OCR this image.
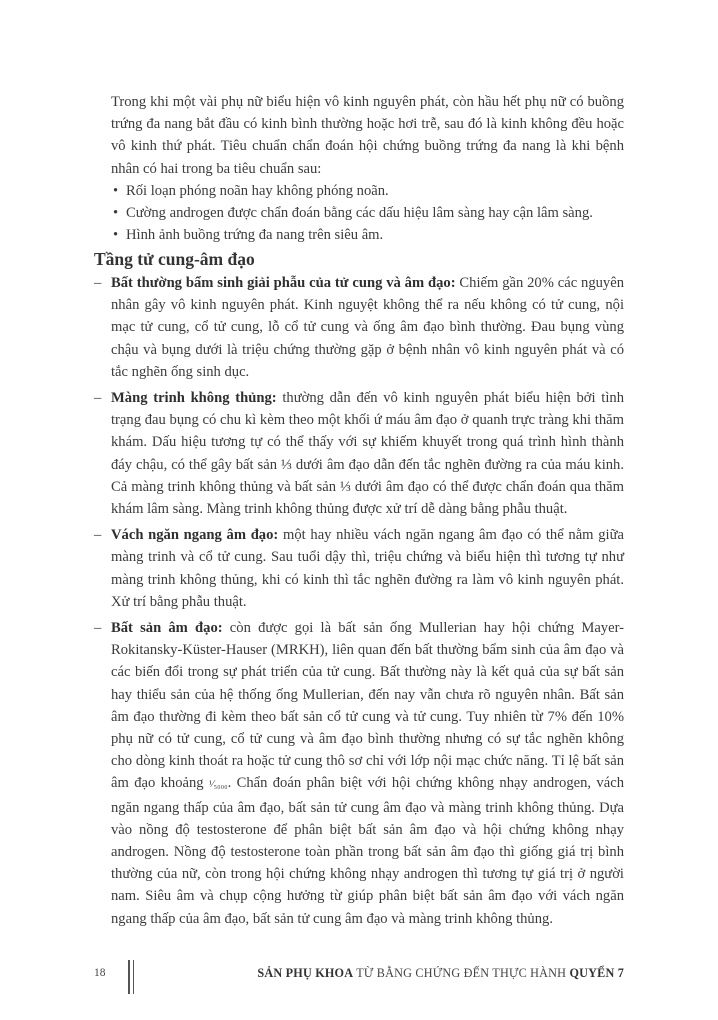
Trong khi một vài phụ nữ biểu hiện vô kinh nguyên phát, còn hầu hết phụ nữ có buồng trứng đa nang bắt đầu có kinh bình thường hoặc hơi trễ, sau đó là kinh không đều hoặc vô kinh thứ phát. Tiêu chuẩn chẩn đoán hội chứng buồng trứng đa nang là khi bệnh nhân có hai trong ba tiêu chuẩn sau:

• Rối loạn phóng noãn hay không phóng noãn.
• Cường androgen được chẩn đoán bằng các dấu hiệu lâm sàng hay cận lâm sàng.
• Hình ảnh buồng trứng đa nang trên siêu âm.
Tầng tử cung-âm đạo
– Bất thường bẩm sinh giải phẫu của tử cung và âm đạo: Chiếm gần 20% các nguyên nhân gây vô kinh nguyên phát. Kinh nguyệt không thể ra nếu không có tử cung, nội mạc tử cung, cổ tử cung, lỗ cổ tử cung và ống âm đạo bình thường. Đau bụng vùng chậu và bụng dưới là triệu chứng thường gặp ở bệnh nhân vô kinh nguyên phát và có tắc nghẽn ống sinh dục.
– Màng trinh không thủng: thường dẫn đến vô kinh nguyên phát biểu hiện bởi tình trạng đau bụng có chu kì kèm theo một khối ứ máu âm đạo ở quanh trực tràng khi thăm khám. Dấu hiệu tương tự có thể thấy với sự khiếm khuyết trong quá trình hình thành đáy chậu, có thể gây bất sản ⅓ dưới âm đạo dẫn đến tắc nghẽn đường ra của máu kinh. Cả màng trinh không thủng và bất sản ⅓ dưới âm đạo có thể được chẩn đoán qua thăm khám lâm sàng. Màng trinh không thủng được xử trí dễ dàng bằng phẫu thuật.
– Vách ngăn ngang âm đạo: một hay nhiều vách ngăn ngang âm đạo có thể nằm giữa màng trinh và cổ tử cung. Sau tuổi dậy thì, triệu chứng và biểu hiện thì tương tự như màng trinh không thủng, khi có kinh thì tắc nghẽn đường ra làm vô kinh nguyên phát. Xử trí bằng phẫu thuật.
– Bất sản âm đạo: còn được gọi là bất sản ống Mullerian hay hội chứng Mayer-Rokitansky-Küster-Hauser (MRKH), liên quan đến bất thường bẩm sinh của âm đạo và các biến đổi trong sự phát triển của tử cung. Bất thường này là kết quả của sự bất sản hay thiểu sản của hệ thống ống Mullerian, đến nay vẫn chưa rõ nguyên nhân. Bất sản âm đạo thường đi kèm theo bất sản cổ tử cung và tử cung. Tuy nhiên từ 7% đến 10% phụ nữ có tử cung, cổ tử cung và âm đạo bình thường nhưng có sự tắc nghẽn không cho dòng kinh thoát ra hoặc tử cung thô sơ chỉ với lớp nội mạc chức năng. Tỉ lệ bất sản âm đạo khoảng ¹⁄₅₀₀₀. Chẩn đoán phân biệt với hội chứng không nhạy androgen, vách ngăn ngang thấp của âm đạo, bất sản tử cung âm đạo và màng trinh không thủng. Dựa vào nồng độ testosterone để phân biệt bất sản âm đạo và hội chứng không nhạy androgen. Nồng độ testosterone toàn phần trong bất sản âm đạo thì giống giá trị bình thường của nữ, còn trong hội chứng không nhạy androgen thì tương tự giá trị ở người nam. Siêu âm và chụp cộng hưởng từ giúp phân biệt bất sản âm đạo với vách ngăn ngang thấp của âm đạo, bất sản tử cung âm đạo và màng trinh không thủng.
18	SẢN PHỤ KHOA TỪ BẰNG CHỨNG ĐẾN THỰC HÀNH QUYỂN 7
